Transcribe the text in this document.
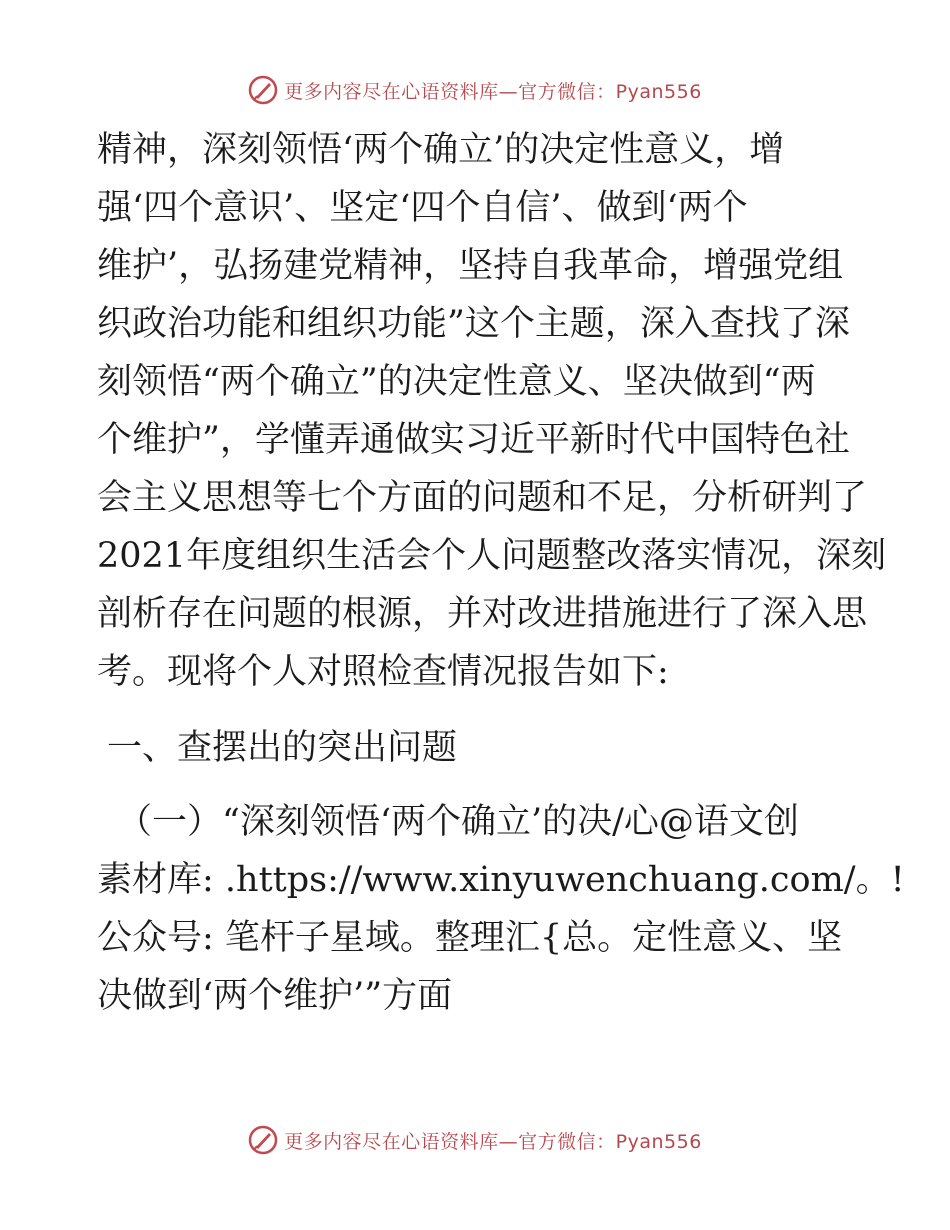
更多内容尽在心语资料库—官方微信：Pyan556
精神，深刻领悟‘两个确立’的决定性意义，增
强‘四个意识’、坚定‘四个自信’、做到‘两个
维护’，弘扬建党精神，坚持自我革命，增强党组
织政治功能和组织功能”这个主题，深入查找了深
刻领悟“两个确立”的决定性意义、坚决做到“两
个维护”，学懂弄通做实习近平新时代中国特色社
会主义思想等七个方面的问题和不足，分析研判了
2021年度组织生活会个人问题整改落实情况，深刻
剖析存在问题的根源，并对改进措施进行了深入思
考。现将个人对照检查情况报告如下:
一、查摆出的突出问题
（一）“深刻领悟‘两个确立’的决/心@语文创
素材库: .https://www.xinyuwenchuang.com/。!
公众号: 笔杆子星域。整理汇{总。定性意义、坚
决做到‘两个维护’”方面
更多内容尽在心语资料库—官方微信：Pyan556
